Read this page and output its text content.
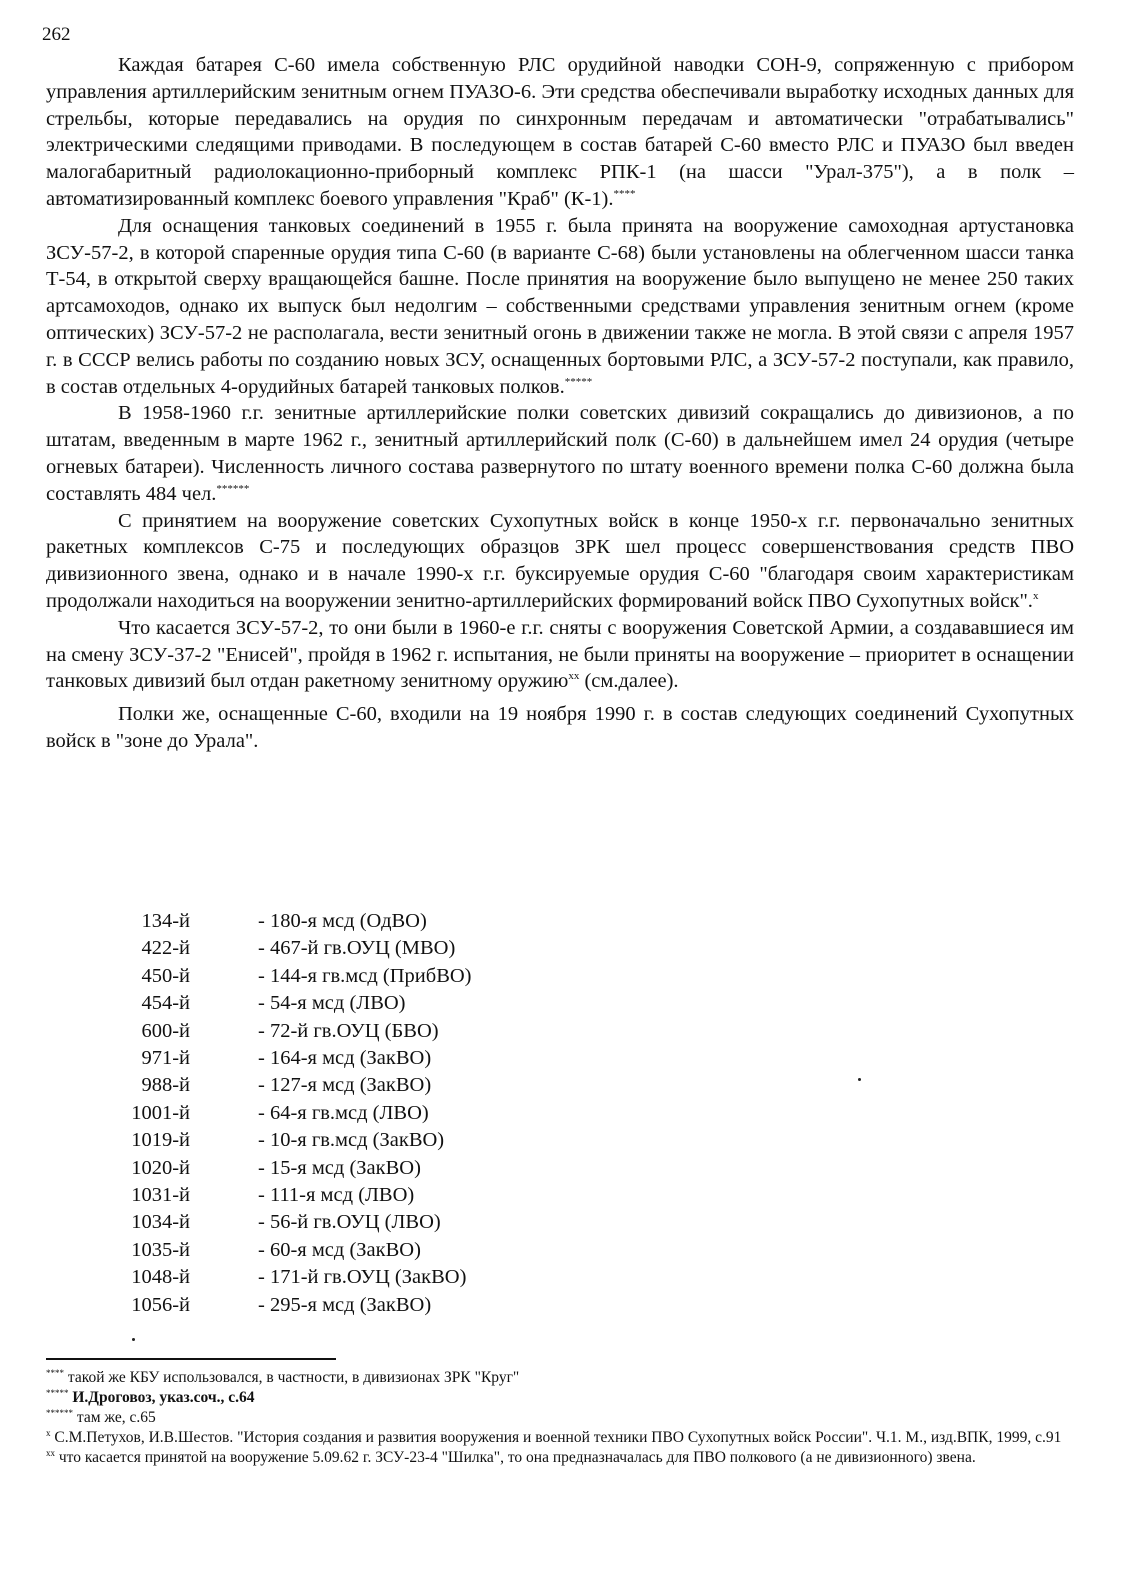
262

Каждая батарея С-60 имела собственную РЛС орудийной наводки СОН-9, сопряженную с прибором управления артиллерийским зенитным огнем ПУАЗО-6. Эти средства обеспечивали выработку исходных данных для стрельбы, которые передавались на орудия по синхронным передачам и автоматически "отрабатывались" электрическими следящими приводами. В последующем в состав батарей С-60 вместо РЛС и ПУАЗО был введен малогабаритный радиолокационно-приборный комплекс РПК-1 (на шасси "Урал-375"), а в полк – автоматизированный комплекс боевого управления "Краб" (К-1).****

Для оснащения танковых соединений в 1955 г. была принята на вооружение самоходная артустановка ЗСУ-57-2, в которой спаренные орудия типа С-60 (в варианте С-68) были установлены на облегченном шасси танка Т-54, в открытой сверху вращающейся башне. После принятия на вооружение было выпущено не менее 250 таких артсамоходов, однако их выпуск был недолгим – собственными средствами управления зенитным огнем (кроме оптических) ЗСУ-57-2 не располагала, вести зенитный огонь в движении также не могла. В этой связи с апреля 1957 г. в СССР велись работы по созданию новых ЗСУ, оснащенных бортовыми РЛС, а ЗСУ-57-2 поступали, как правило, в состав отдельных 4-орудийных батарей танковых полков.*****

В 1958-1960 г.г. зенитные артиллерийские полки советских дивизий сокращались до дивизионов, а по штатам, введенным в марте 1962 г., зенитный артиллерийский полк (С-60) в дальнейшем имел 24 орудия (четыре огневых батареи). Численность личного состава развернутого по штату военного времени полка С-60 должна была составлять 484 чел.******

С принятием на вооружение советских Сухопутных войск в конце 1950-х г.г. первоначально зенитных ракетных комплексов С-75 и последующих образцов ЗРК шел процесс совершенствования средств ПВО дивизионного звена, однако и в начале 1990-х г.г. буксируемые орудия С-60 "благодаря своим характеристикам продолжали находиться на вооружении зенитно-артиллерийских формирований войск ПВО Сухопутных войск".$^x$

Что касается ЗСУ-57-2, то они были в 1960-е г.г. сняты с вооружения Советской Армии, а создававшиеся им на смену ЗСУ-37-2 "Енисей", пройдя в 1962 г. испытания, не были приняты на вооружение – приоритет в оснащении танковых дивизий был отдан ракетному зенитному оружию$^{xx}$ (см.далее).

Полки же, оснащенные С-60, входили на 19 ноября 1990 г. в состав следующих соединений Сухопутных войск в "зоне до Урала".

134-й	- 180-я мсд (ОдВО)
422-й	- 467-й гв.ОУЦ (МВО)
450-й	- 144-я гв.мсд (ПрибВО)
454-й	- 54-я мсд (ЛВО)
600-й	- 72-й гв.ОУЦ (БВО)
971-й	- 164-я мсд (ЗакВО)
988-й	- 127-я мсд (ЗакВО)
1001-й	- 64-я гв.мсд (ЛВО)
1019-й	- 10-я гв.мсд (ЗакВО)
1020-й	- 15-я мсд (ЗакВО)
1031-й	- 111-я мсд (ЛВО)
1034-й	- 56-й гв.ОУЦ (ЛВО)
1035-й	- 60-я мсд (ЗакВО)
1048-й	- 171-й гв.ОУЦ (ЗакВО)
1056-й	- 295-я мсд (ЗакВО)

**** такой же КБУ использовался, в частности, в дивизионах ЗРК "Круг"

***** И.Дроговоз, указ.соч., с.64

****** там же, с.65

$^x$ С.М.Петухов, И.В.Шестов. "История создания и развития вооружения и военной техники ПВО Сухопутных войск России". Ч.1. М., изд.ВПК, 1999, с.91

$^{xx}$ что касается принятой на вооружение 5.09.62 г. ЗСУ-23-4 "Шилка", то она предназначалась для ПВО полкового (а не дивизионного) звена.
